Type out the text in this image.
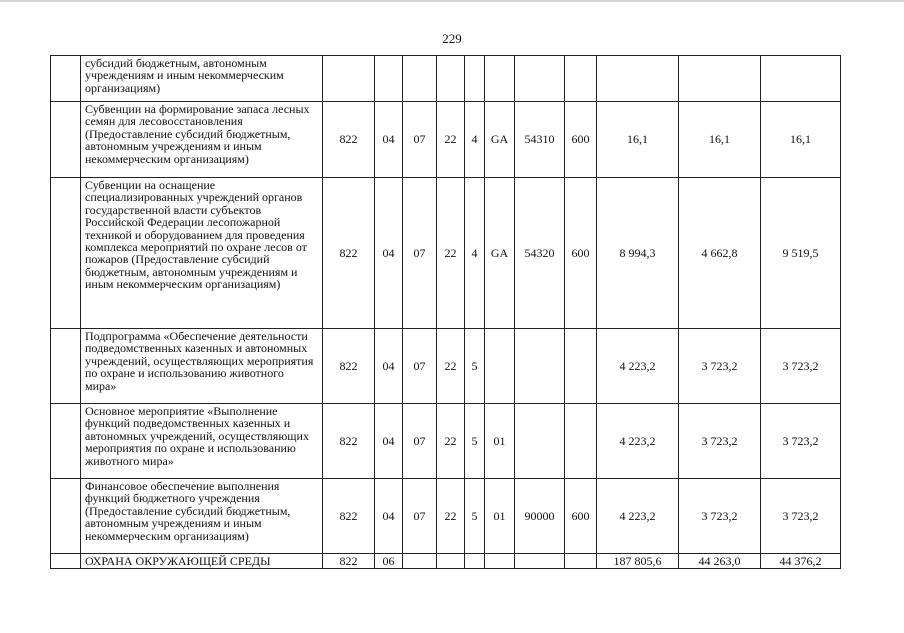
229
	субсидий бюджетным, автономным учреждениям и иным некоммерческим организациям)											
	Субвенции на формирование запаса лесных семян для лесовосстановления (Предоставление субсидий бюджетным, автономным учреждениям и иным некоммерческим организациям)	822	04	07	22	4	GA	54310	600	16,1	16,1	16,1
	Субвенции на оснащение специализированных учреждений органов государственной власти субъектов Российской Федерации лесопожарной техникой и оборудованием для проведения комплекса мероприятий по охране лесов от пожаров (Предоставление субсидий бюджетным, автономным учреждениям и иным некоммерческим организациям)	822	04	07	22	4	GA	54320	600	8 994,3	4 662,8	9 519,5
	Подпрограмма «Обеспечение деятельности подведомственных казенных и автономных учреждений, осуществляющих мероприятия по охране и использованию животного мира»	822	04	07	22	5				4 223,2	3 723,2	3 723,2
	Основное мероприятие «Выполнение функций подведомственных казенных и автономных учреждений, осуществляющих мероприятия по охране и использованию животного мира»	822	04	07	22	5	01			4 223,2	3 723,2	3 723,2
	Финансовое обеспечение выполнения функций бюджетного учреждения (Предоставление субсидий бюджетным, автономным учреждениям и иным некоммерческим организациям)	822	04	07	22	5	01	90000	600	4 223,2	3 723,2	3 723,2
	ОХРАНА ОКРУЖАЮЩЕЙ СРЕДЫ	822	06							187 805,6	44 263,0	44 376,2
